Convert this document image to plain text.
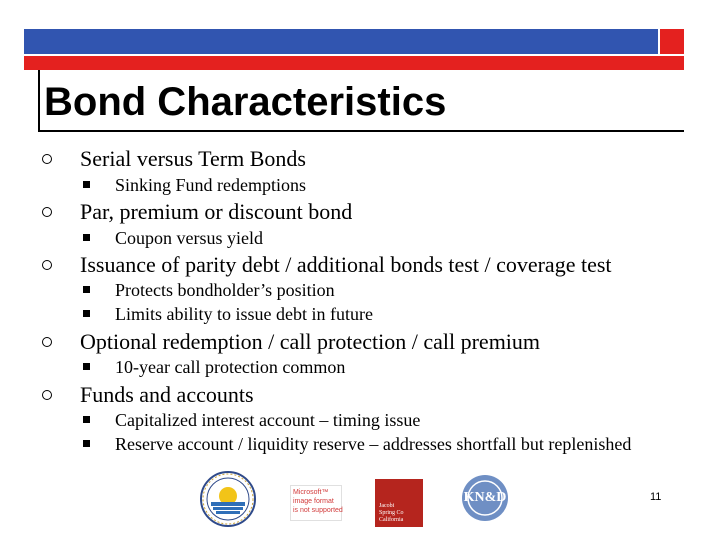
Bond Characteristics
Serial versus Term Bonds
Sinking Fund redemptions
Par, premium or discount bond
Coupon versus yield
Issuance of parity debt / additional bonds test / coverage test
Protects bondholder’s position
Limits ability to issue debt in future
Optional redemption / call protection / call premium
10-year call protection common
Funds and accounts
Capitalized interest account – timing issue
Reserve account / liquidity reserve – addresses shortfall but replenished
Microsoft™
image format
is not supported
Jacobi
Spring Co
California
KN&D	11
